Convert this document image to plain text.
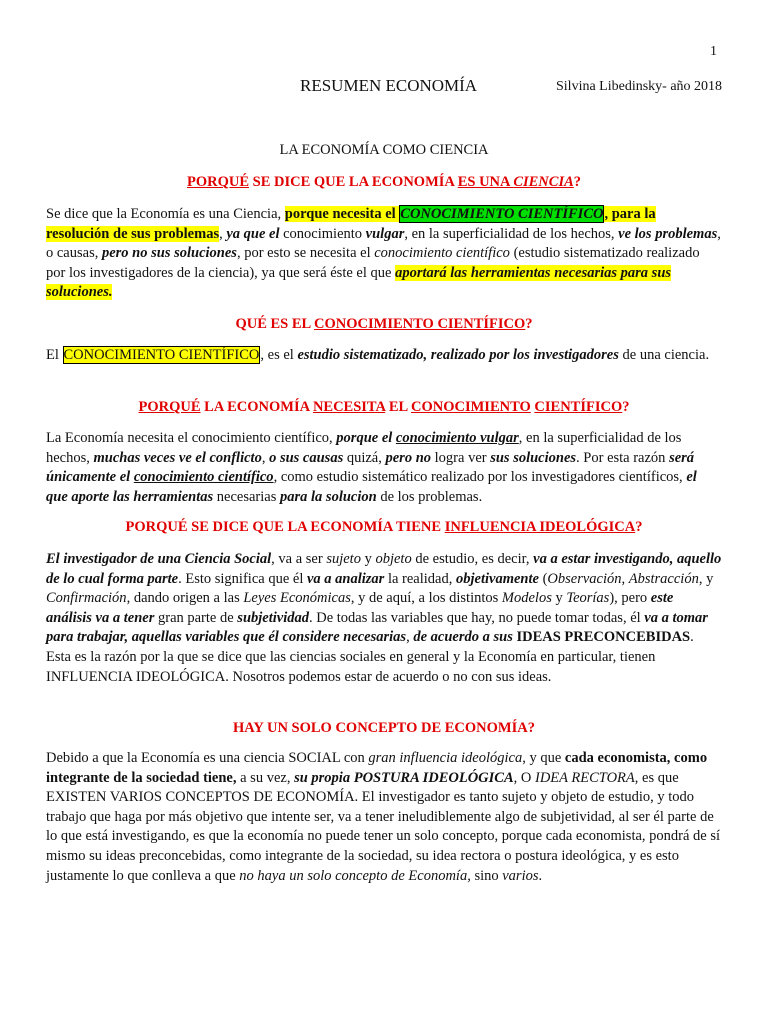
1
RESUMEN ECONOMÍA	Silvina Libedinsky- año 2018
LA ECONOMÍA COMO CIENCIA

PORQUÉ SE DICE QUE LA ECONOMÍA ES UNA CIENCIA?

Se dice que la Economía es una Ciencia, porque necesita el CONOCIMIENTO CIENTÍFICO, para la resolución de sus problemas, ya que el conocimiento vulgar, en la superficialidad de los hechos, ve los problemas, o causas, pero no sus soluciones, por esto se necesita el conocimiento científico (estudio sistematizado realizado por los investigadores de la ciencia), ya que será éste el que aportará las herramientas necesarias para sus soluciones.

QUÉ ES EL CONOCIMIENTO CIENTÍFICO?

El CONOCIMIENTO CIENTÍFICO, es el estudio sistematizado, realizado por los investigadores de una ciencia.

PORQUÉ LA ECONOMÍA NECESITA EL CONOCIMIENTO CIENTÍFICO?

La Economía necesita el conocimiento científico, porque el conocimiento vulgar, en la superficialidad de los hechos, muchas veces ve el conflicto, o sus causas quizá, pero no logra ver sus soluciones. Por esta razón será únicamente el conocimiento científico, como estudio sistemático realizado por los investigadores científicos, el que aporte las herramientas necesarias para la solucion de los problemas.

PORQUÉ SE DICE QUE LA ECONOMÍA TIENE INFLUENCIA IDEOLÓGICA?

El investigador de una Ciencia Social, va a ser sujeto y objeto de estudio, es decir, va a estar investigando, aquello de lo cual forma parte. Esto significa que él va a analizar la realidad, objetivamente (Observación, Abstracción, y Confirmación, dando origen a las Leyes Económicas, y de aquí, a los distintos Modelos y Teorías), pero este análisis va a tener gran parte de subjetividad. De todas las variables que hay, no puede tomar todas, él va a tomar para trabajar, aquellas variables que él considere necesarias, de acuerdo a sus IDEAS PRECONCEBIDAS. Esta es la razón por la que se dice que las ciencias sociales en general y la Economía en particular, tienen INFLUENCIA IDEOLÓGICA. Nosotros podemos estar de acuerdo o no con sus ideas.

HAY UN SOLO CONCEPTO DE ECONOMÍA?

Debido a que la Economía es una ciencia SOCIAL con gran influencia ideológica, y que cada economista, como integrante de la sociedad tiene, a su vez, su propia POSTURA IDEOLÓGICA, O IDEA RECTORA, es que EXISTEN VARIOS CONCEPTOS DE ECONOMÍA. El investigador es tanto sujeto y objeto de estudio, y todo trabajo que haga por más objetivo que intente ser, va a tener ineludiblemente algo de subjetividad, al ser él parte de lo que está investigando, es que la economía no puede tener un solo concepto, porque cada economista, pondrá de sí mismo su ideas preconcebidas, como integrante de la sociedad, su idea rectora o postura ideológica, y es esto justamente lo que conlleva a que no haya un solo concepto de Economía, sino varios.
